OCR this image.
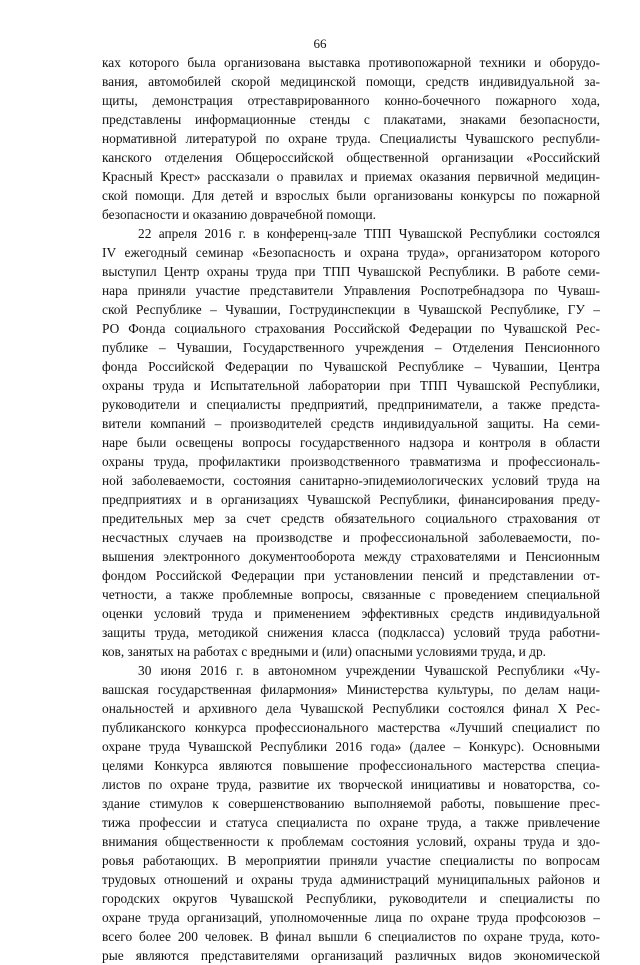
66
ках которого была организована выставка противопожарной техники и оборудо-
вания, автомобилей скорой медицинской помощи, средств индивидуальной за-
щиты, демонстрация отреставрированного конно-бочечного пожарного хода,
представлены информационные стенды с плакатами, знаками безопасности,
нормативной литературой по охране труда. Специалисты Чувашского республи-
канского отделения Общероссийской общественной организации «Российский
Красный Крест» рассказали о правилах и приемах оказания первичной медицин-
ской помощи. Для детей и взрослых были организованы конкурсы по пожарной
безопасности и оказанию доврачебной помощи.
22 апреля 2016 г. в конференц-зале ТПП Чувашской Республики состоялся
IV ежегодный семинар «Безопасность и охрана труда», организатором которого
выступил Центр охраны труда при ТПП Чувашской Республики. В работе семи-
нара приняли участие представители Управления Роспотребнадзора по Чуваш-
ской Республике – Чувашии, Гострудинспекции в Чувашской Республике, ГУ –
РО Фонда социального страхования Российской Федерации по Чувашской Рес-
публике – Чувашии, Государственного учреждения – Отделения Пенсионного
фонда Российской Федерации по Чувашской Республике – Чувашии, Центра
охраны труда и Испытательной лаборатории при ТПП Чувашской Республики,
руководители и специалисты предприятий, предприниматели, а также предста-
вители компаний – производителей средств индивидуальной защиты. На семи-
наре были освещены вопросы государственного надзора и контроля в области
охраны труда, профилактики производственного травматизма и профессиональ-
ной заболеваемости, состояния санитарно-эпидемиологических условий труда на
предприятиях и в организациях Чувашской Республики, финансирования преду-
предительных мер за счет средств обязательного социального страхования от
несчастных случаев на производстве и профессиональной заболеваемости, по-
вышения электронного документооборота между страхователями и Пенсионным
фондом Российской Федерации при установлении пенсий и представлении от-
четности, а также проблемные вопросы, связанные с проведением специальной
оценки условий труда и применением эффективных средств индивидуальной
защиты труда, методикой снижения класса (подкласса) условий труда работни-
ков, занятых на работах с вредными и (или) опасными условиями труда, и др.
30 июня 2016 г. в автономном учреждении Чувашской Республики «Чу-
вашская государственная филармония» Министерства культуры, по делам наци-
ональностей и архивного дела Чувашской Республики состоялся финал X Рес-
публиканского конкурса профессионального мастерства «Лучший специалист по
охране труда Чувашской Республики 2016 года» (далее – Конкурс). Основными
целями Конкурса являются повышение профессионального мастерства специа-
листов по охране труда, развитие их творческой инициативы и новаторства, со-
здание стимулов к совершенствованию выполняемой работы, повышение прес-
тижа профессии и статуса специалиста по охране труда, а также привлечение
внимания общественности к проблемам состояния условий, охраны труда и здо-
ровья работающих. В мероприятии приняли участие специалисты по вопросам
трудовых отношений и охраны труда администраций муниципальных районов и
городских округов Чувашской Республики, руководители и специалисты по
охране труда организаций, уполномоченные лица по охране труда профсоюзов –
всего более 200 человек. В финал вышли 6 специалистов по охране труда, кото-
рые являются представителями организаций различных видов экономической
